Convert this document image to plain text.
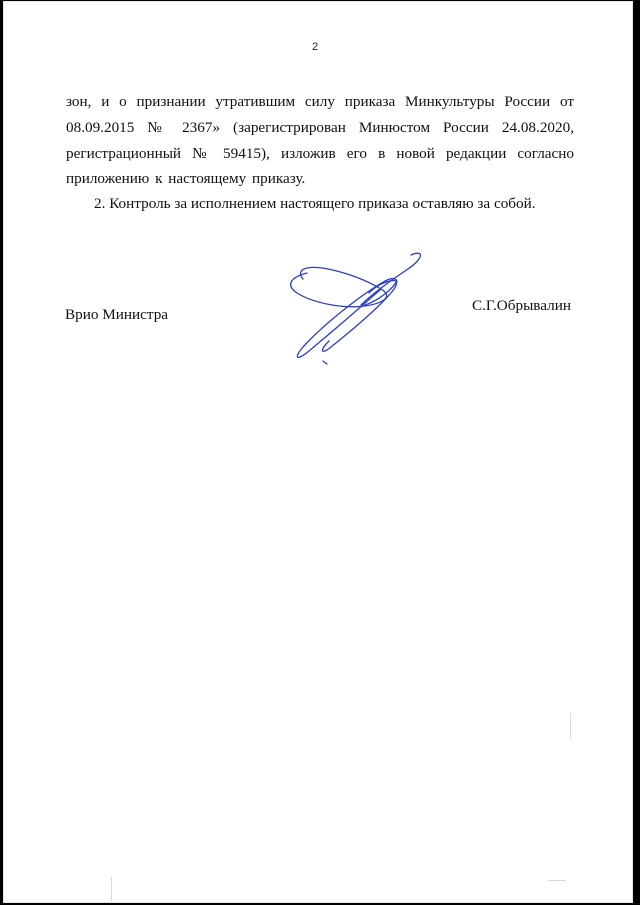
2

зон, и о признании утратившим силу приказа Минкультуры России от 08.09.2015 № 2367» (зарегистрирован Минюстом России 24.08.2020, регистрационный № 59415), изложив его в новой редакции согласно приложению к настоящему приказу.

2. Контроль за исполнением настоящего приказа оставляю за собой.

Врио Министра
С.Г.Обрывалин
